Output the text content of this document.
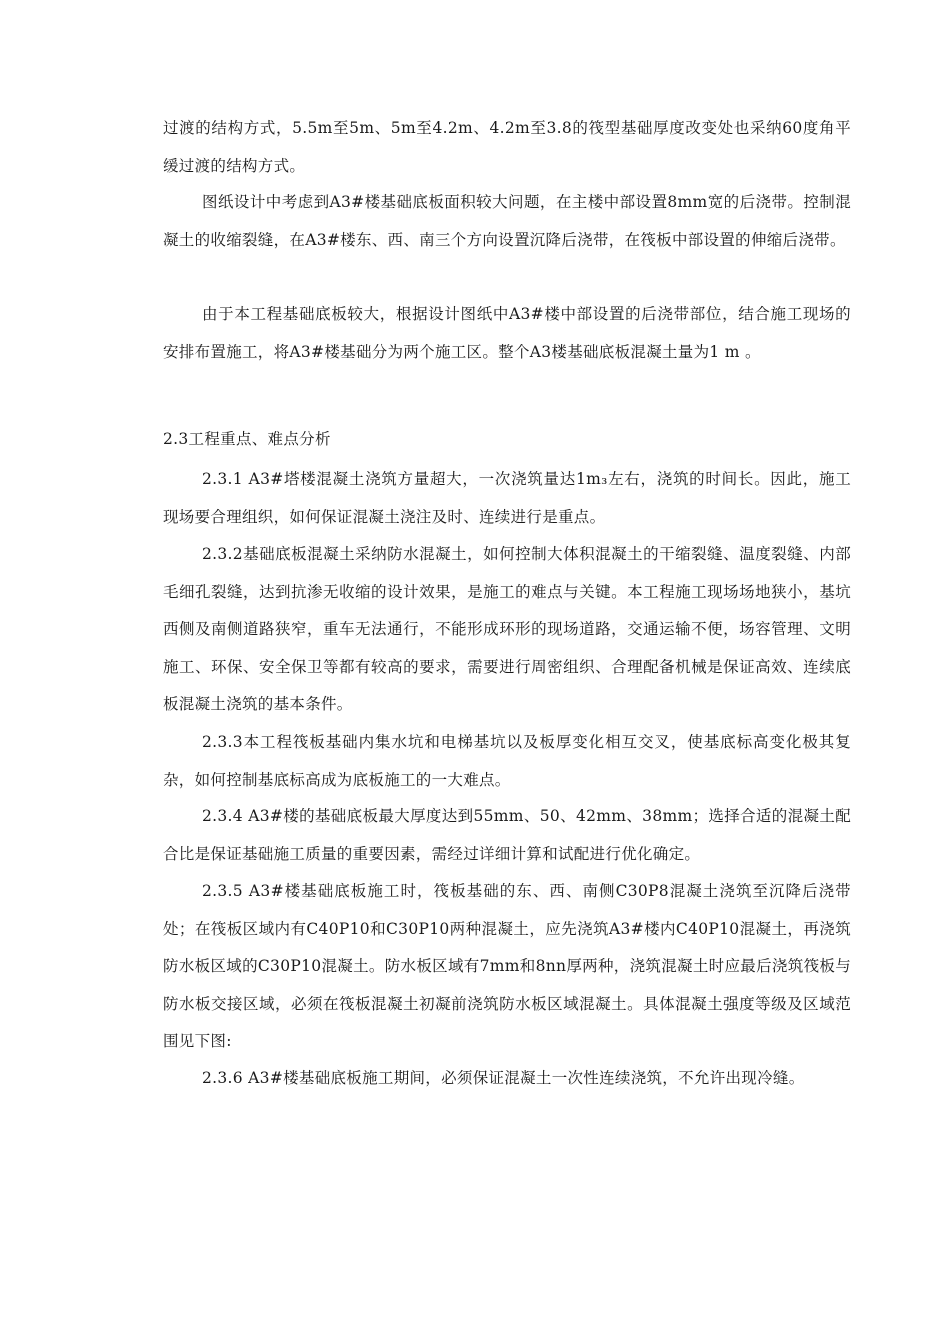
过渡的结构方式，5.5m至5m、5m至4.2m、4.2m至3.8的筏型基础厚度改变处也采纳60度角平缓过渡的结构方式。

图纸设计中考虑到A3#楼基础底板面积较大问题，在主楼中部设置8mm宽的后浇带。控制混凝土的收缩裂缝，在A3#楼东、西、南三个方向设置沉降后浇带，在筏板中部设置的伸缩后浇带。

由于本工程基础底板较大，根据设计图纸中A3#楼中部设置的后浇带部位，结合施工现场的安排布置施工，将A3#楼基础分为两个施工区。整个A3楼基础底板混凝土量为1 m 。

2.3工程重点、难点分析

2.3.1 A3#塔楼混凝土浇筑方量超大，一次浇筑量达1m₃左右，浇筑的时间长。因此，施工现场要合理组织，如何保证混凝土浇注及时、连续进行是重点。

2.3.2基础底板混凝土采纳防水混凝土，如何控制大体积混凝土的干缩裂缝、温度裂缝、内部毛细孔裂缝，达到抗渗无收缩的设计效果，是施工的难点与关键。本工程施工现场场地狭小，基坑西侧及南侧道路狭窄，重车无法通行，不能形成环形的现场道路，交通运输不便，场容管理、文明施工、环保、安全保卫等都有较高的要求，需要进行周密组织、合理配备机械是保证高效、连续底板混凝土浇筑的基本条件。

2.3.3本工程筏板基础内集水坑和电梯基坑以及板厚变化相互交叉，使基底标高变化极其复杂，如何控制基底标高成为底板施工的一大难点。

2.3.4 A3#楼的基础底板最大厚度达到55mm、50、42mm、38mm；选择合适的混凝土配合比是保证基础施工质量的重要因素，需经过详细计算和试配进行优化确定。

2.3.5 A3#楼基础底板施工时，筏板基础的东、西、南侧C30P8混凝土浇筑至沉降后浇带处；在筏板区域内有C40P10和C30P10两种混凝土，应先浇筑A3#楼内C40P10混凝土，再浇筑防水板区域的C30P10混凝土。防水板区域有7mm和8nn厚两种，浇筑混凝土时应最后浇筑筏板与防水板交接区域，必须在筏板混凝土初凝前浇筑防水板区域混凝土。具体混凝土强度等级及区域范围见下图:

2.3.6 A3#楼基础底板施工期间，必须保证混凝土一次性连续浇筑，不允许出现冷缝。
